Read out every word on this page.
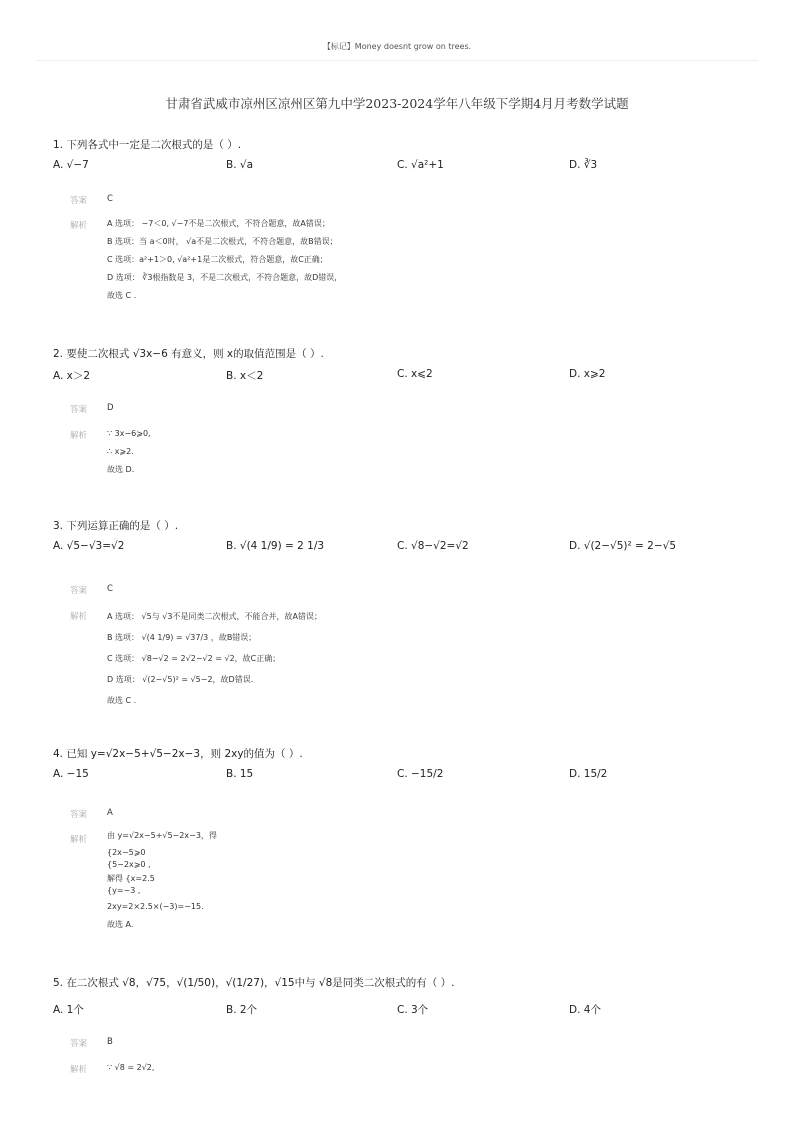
【标记】Money doesnt grow on trees.
甘肃省武威市凉州区凉州区第九中学2023-2024学年八年级下学期4月月考数学试题
1. 下列各式中一定是二次根式的是（ ）.
A. √−7	B. √a	C. √a²+1	D. ∛3
答案 C
解析 A 选项： −7＜0, √−7不是二次根式，不符合题意，故A错误；
B 选项：当 a＜0时， √a不是二次根式，不符合题意，故B错误；
C 选项：a²+1＞0, √a²+1是二次根式，符合题意，故C正确；
D 选项： ∛3根指数是 3，不是二次根式，不符合题意，故D错误，
故选 C .
2. 要使二次根式 √3x−6 有意义，则 x的取值范围是（ ）.
A. x＞2	B. x＜2	C. x⩽2	D. x⩾2
答案 D
解析 ∵ 3x−6⩾0,
∴ x⩾2.
故选 D.
3. 下列运算正确的是（ ）.
A. √5−√3=√2	B. √(4 1/9) = 2 1/3	C. √8−√2=√2	D. √(2−√5)² = 2−√5
答案 C
解析 A 选项： √5与 √3不是同类二次根式，不能合并，故A错误；
B 选项： √(4 1/9) = √37/3 ，故B错误；
C 选项： √8−√2 = 2√2−√2 = √2，故C正确；
D 选项： √(2−√5)² = √5−2，故D错误.
故选 C .
4. 已知 y=√2x−5+√5−2x−3，则 2xy的值为（ ）.
A. −15	B. 15	C. −15/2	D. 15/2
答案 A
解析 由 y=√2x−5+√5−2x−3，得
{2x−5⩾0
{5−2x⩾0 ,
解得 {x=2.5
{y=−3 ,
2xy=2×2.5×(−3)=−15.
故选 A.
5. 在二次根式 √8，√75，√(1/50)，√(1/27)，√15中与 √8是同类二次根式的有（ ）.
A. 1个	B. 2个	C. 3个	D. 4个
答案 B
解析 ∵ √8 = 2√2,
